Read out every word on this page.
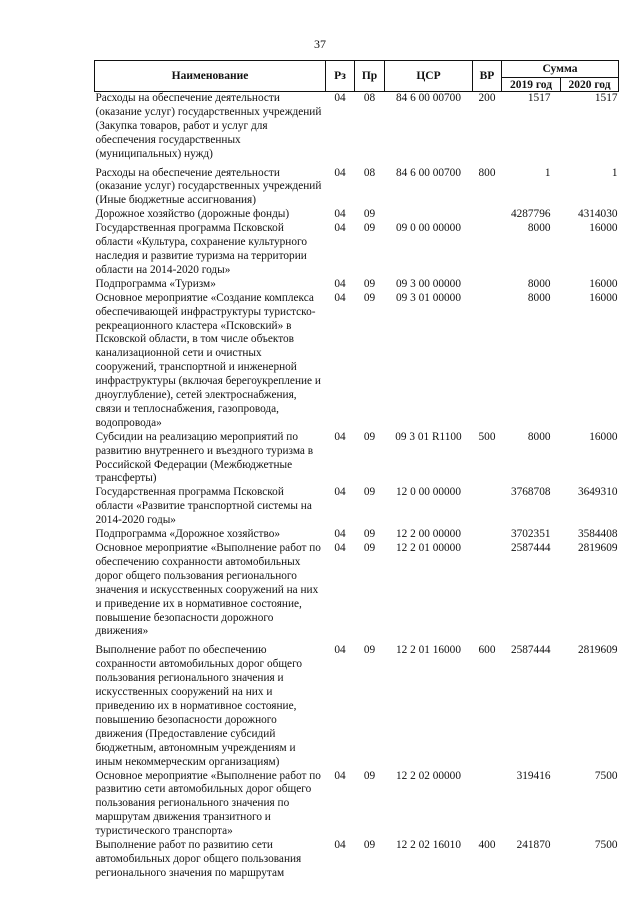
37
Наименование	Рз	Пр	ЦСР	ВР	Сумма	
					2019 год	2020 год
Расходы на обеспечение деятельности (оказание услуг) государственных учреждений (Закупка товаров, работ и услуг для обеспечения государственных (муниципальных) нужд)	04	08	84 6 00 00700	200	1517	1517
Расходы на обеспечение деятельности (оказание услуг) государственных учреждений (Иные бюджетные ассигнования)	04	08	84 6 00 00700	800	1	1
Дорожное хозяйство (дорожные фонды)	04	09			4287796	4314030
Государственная программа Псковской области «Культура, сохранение культурного наследия и развитие туризма на территории области на 2014-2020 годы»	04	09	09 0 00 00000		8000	16000
Подпрограмма «Туризм»	04	09	09 3 00 00000		8000	16000
Основное мероприятие «Создание комплекса обеспечивающей инфраструктуры туристско-рекреационного кластера «Псковский» в Псковской области, в том числе объектов канализационной сети и очистных сооружений, транспортной и инженерной инфраструктуры (включая берегоукрепление и дноуглубление), сетей электроснабжения, связи и теплоснабжения, газопровода, водопровода»	04	09	09 3 01 00000		8000	16000
Субсидии на реализацию мероприятий по развитию внутреннего и въездного туризма в Российской Федерации (Межбюджетные трансферты)	04	09	09 3 01 R1100	500	8000	16000
Государственная программа Псковской области «Развитие транспортной системы на 2014-2020 годы»	04	09	12 0 00 00000		3768708	3649310
Подпрограмма «Дорожное хозяйство»	04	09	12 2 00 00000		3702351	3584408
Основное мероприятие «Выполнение работ по обеспечению сохранности автомобильных дорог общего пользования регионального значения и искусственных сооружений на них и приведение их в нормативное состояние, повышение безопасности дорожного движения»	04	09	12 2 01 00000		2587444	2819609
Выполнение работ по обеспечению сохранности автомобильных дорог общего пользования регионального значения и искусственных сооружений на них и приведению их в нормативное состояние, повышению безопасности дорожного движения (Предоставление субсидий бюджетным, автономным учреждениям и иным некоммерческим организациям)	04	09	12 2 01 16000	600	2587444	2819609
Основное мероприятие «Выполнение работ по развитию сети автомобильных дорог общего пользования регионального значения по маршрутам движения транзитного и туристического транспорта»	04	09	12 2 02 00000		319416	7500
Выполнение работ по развитию сети автомобильных дорог общего пользования регионального значения по маршрутам	04	09	12 2 02 16010	400	241870	7500
